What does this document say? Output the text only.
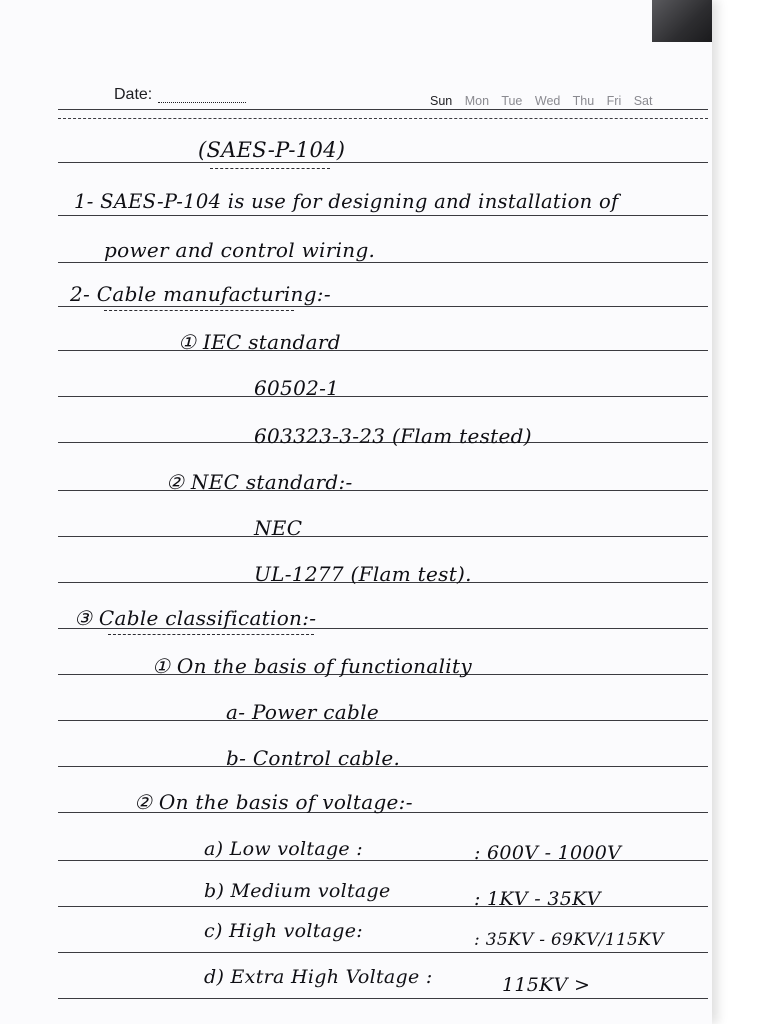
Date:	Sun Mon Tue Wed Thu Fri Sat
(SAES-P-104)
1- SAES-P-104 is use for designing and installation of
power and control wiring.
2- Cable manufacturing:-
① IEC standard
60502-1
603323-3-23 (Flam tested)
② NEC standard:-
NEC
UL-1277 (Flam test).
③ Cable classification:-
① On the basis of functionality
a- Power cable
b- Control cable.
② On the basis of voltage:-
a) Low voltage :	: 600V - 1000V
b) Medium voltage	: 1KV - 35KV
c) High voltage:	: 35KV - 69KV/115KV
d) Extra High Voltage :	115KV >
